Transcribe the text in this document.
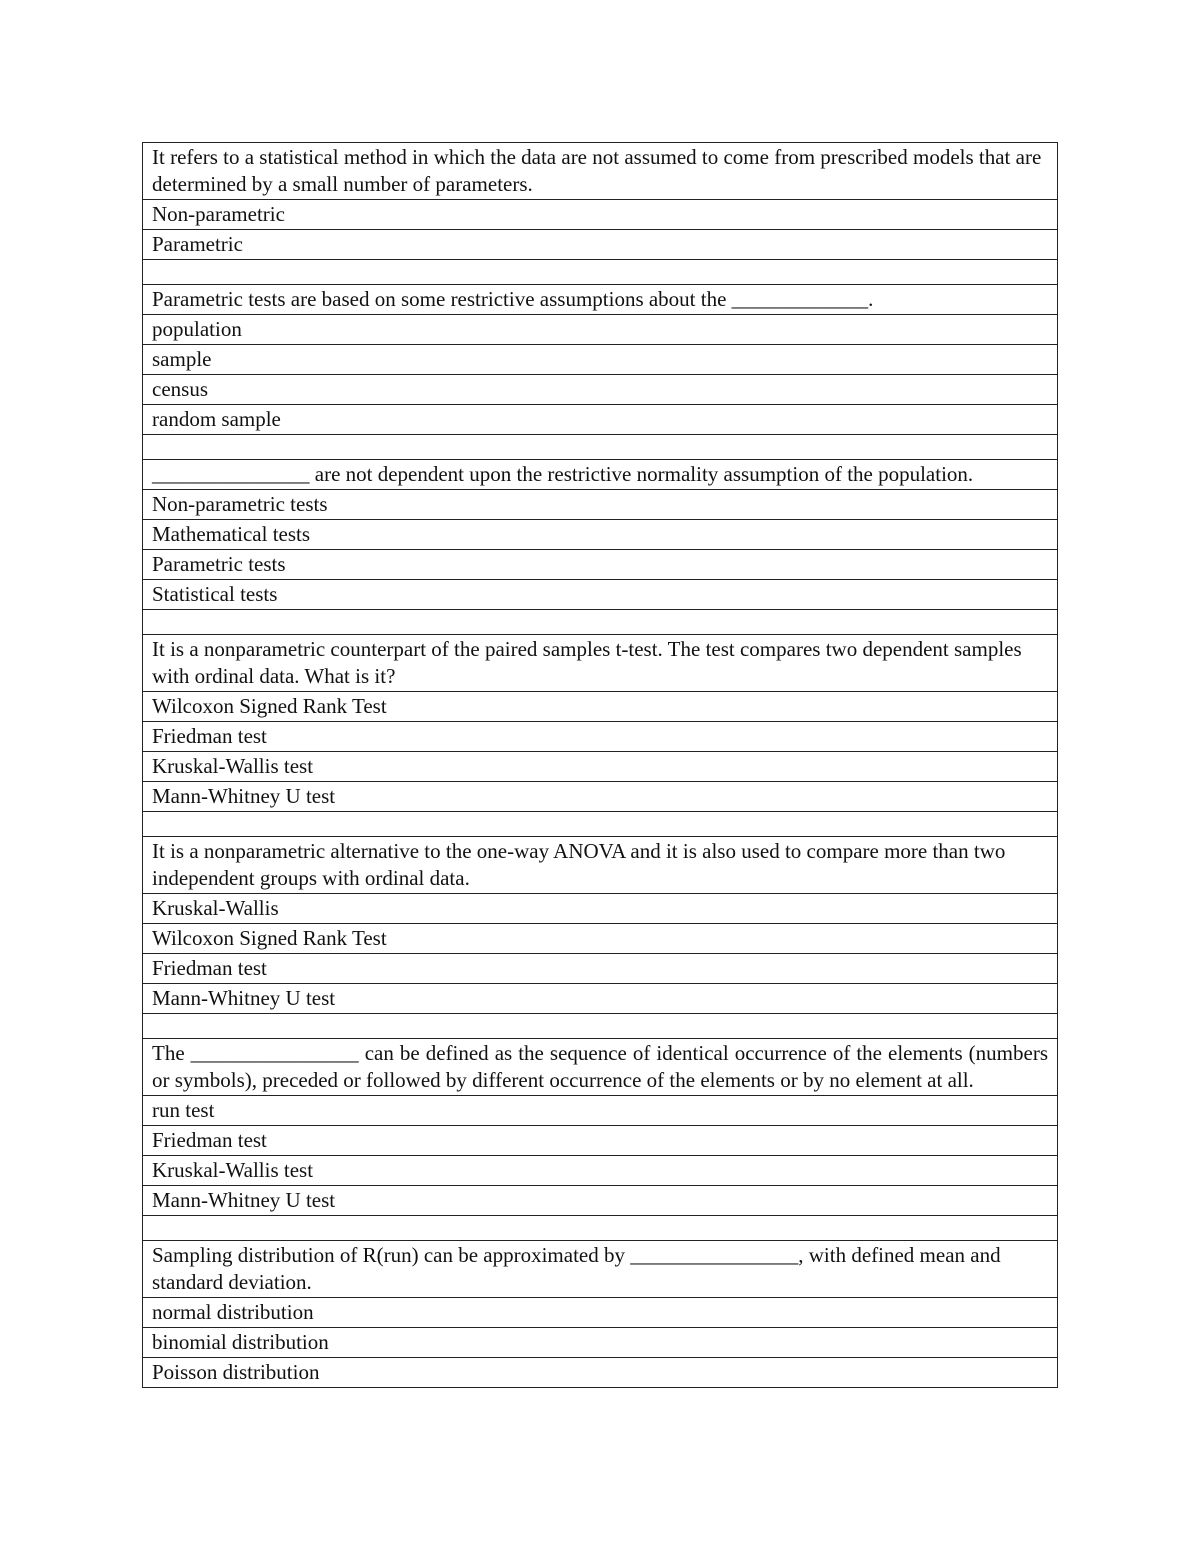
It refers to a statistical method in which the data are not assumed to come from prescribed models that are determined by a small number of parameters.
Non-parametric
Parametric

Parametric tests are based on some restrictive assumptions about the _____________.
population
sample
census
random sample

_______________ are not dependent upon the restrictive normality assumption of the population.
Non-parametric tests
Mathematical tests
Parametric tests
Statistical tests

It is a nonparametric counterpart of the paired samples t-test. The test compares two dependent samples with ordinal data. What is it?
Wilcoxon Signed Rank Test
Friedman test
Kruskal-Wallis test
Mann-Whitney U test

It is a nonparametric alternative to the one-way ANOVA and it is also used to compare more than two independent groups with ordinal data.
Kruskal-Wallis
Wilcoxon Signed Rank Test
Friedman test
Mann-Whitney U test

The ________________ can be defined as the sequence of identical occurrence of the elements (numbers or symbols), preceded or followed by different occurrence of the elements or by no element at all.
run test
Friedman test
Kruskal-Wallis test
Mann-Whitney U test

Sampling distribution of R(run) can be approximated by ________________, with defined mean and standard deviation.
normal distribution
binomial distribution
Poisson distribution
